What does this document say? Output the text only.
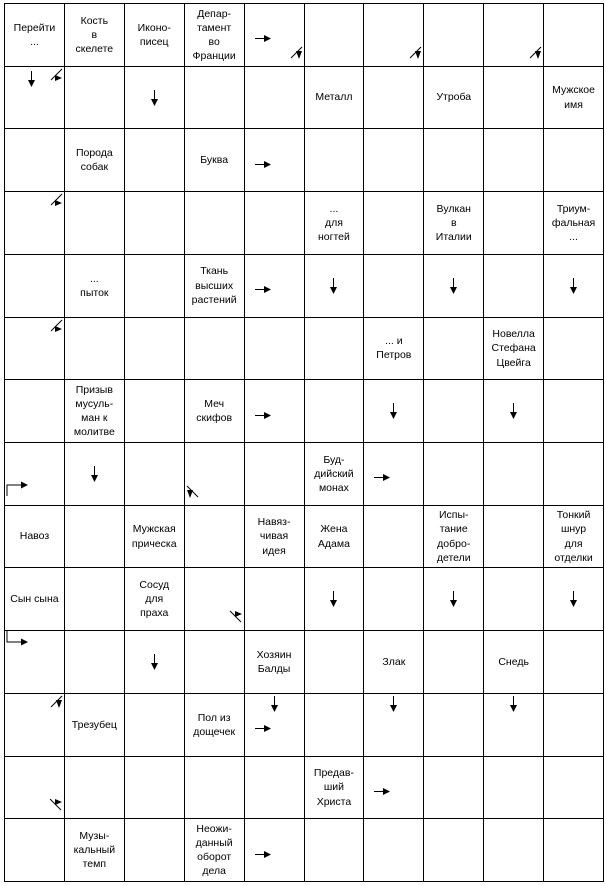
Перейти
...
Кость
в
скелете
Иконо-
писец
Депар-
тамент
во
Франции
Металл	Утроба
Мужское
имя
Порода
собак
Буква
...
для
ногтей
Вулкан
в
Италии
Триум-
фальная
...
...
пыток
Ткань
высших
растений
... и
Петров
Новелла
Стефана
Цвейга
Призыв
мусуль-
ман к
молитве
Меч
скифов
Буд-
дийский
монах
Навоз
Мужская
прическа
Навяз-
чивая
идея
Жена
Адама
Испы-
тание
добро-
детели
Тонкий
шнур
для
отделки
Сын сына
Сосуд
для
праха
Хозяин
Балды
Злак	Снедь
Трезубец
Пол из
дощечек
Предав-
ший
Христа
Музы-
кальный
темп
Неожи-
данный
оборот
дела
